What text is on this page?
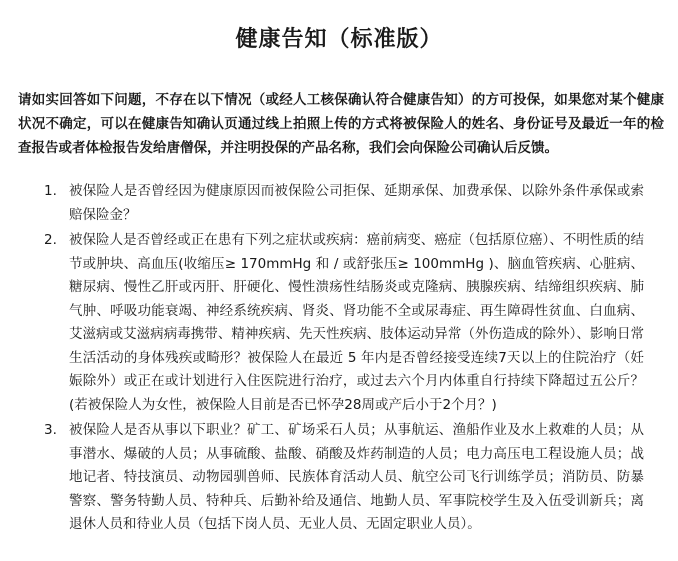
健康告知（标准版）

请如实回答如下问题，不存在以下情况（或经人工核保确认符合健康告知）的方可投保，如果您对某个健康状况不确定，可以在健康告知确认页通过线上拍照上传的方式将被保险人的姓名、身份证号及最近一年的检查报告或者体检报告发给唐僧保，并注明投保的产品名称，我们会向保险公司确认后反馈。

1. 被保险人是否曾经因为健康原因而被保险公司拒保、延期承保、加费承保、以除外条件承保或索赔保险金？
2. 被保险人是否曾经或正在患有下列之症状或疾病：癌前病变、癌症（包括原位癌）、不明性质的结节或肿块、高血压(收缩压≥ 170mmHg 和 / 或舒张压≥ 100mmHg )、脑血管疾病、心脏病、糖尿病、慢性乙肝或丙肝、肝硬化、慢性溃疡性结肠炎或克隆病、胰腺疾病、结缔组织疾病、肺气肿、呼吸功能衰竭、神经系统疾病、肾炎、肾功能不全或尿毒症、再生障碍性贫血、白血病、艾滋病或艾滋病病毒携带、精神疾病、先天性疾病、肢体运动异常（外伤造成的除外）、影响日常生活活动的身体残疾或畸形？被保险人在最近 5 年内是否曾经接受连续7天以上的住院治疗（妊娠除外）或正在或计划进行入住医院进行治疗，或过去六个月内体重自行持续下降超过五公斤？(若被保险人为女性，被保险人目前是否已怀孕28周或产后小于2个月？)
3. 被保险人是否从事以下职业？矿工、矿场采石人员；从事航运、渔船作业及水上救难的人员；从事潜水、爆破的人员；从事硫酸、盐酸、硝酸及炸药制造的人员；电力高压电工程设施人员；战地记者、特技演员、动物园驯兽师、民族体育活动人员、航空公司飞行训练学员；消防员、防暴警察、警务特勤人员、特种兵、后勤补给及通信、地勤人员、军事院校学生及入伍受训新兵；离退休人员和待业人员（包括下岗人员、无业人员、无固定职业人员）。
